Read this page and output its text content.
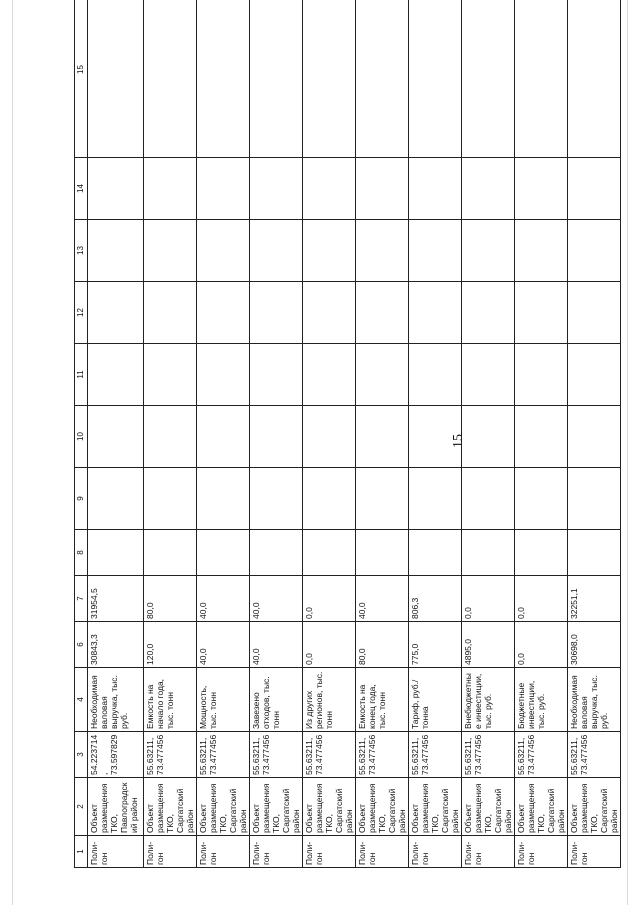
15
1	2	3	4	6	7	8	9	10	11	12	13	14	15
Поли-гон	Объект размещения ТКО, Павлоградский район	54.223714, 73.597829	Необходимая валовая выручка, тыс. руб.	30843,3	31954,5								
Поли-гон	Объект размещения ТКО, Саргатский район	55.63211, 73.477456	Емкость на начало года, тыс. тонн	120,0	80,0								
Поли-гон	Объект размещения ТКО, Саргатский район	55.63211, 73.477456	Мощность, тыс. тонн	40,0	40,0								
Поли-гон	Объект размещения ТКО, Саргатский район	55.63211, 73.477456	Завезено отходов, тыс. тонн	40,0	40,0								
Поли-гон	Объект размещения ТКО, Саргатский район	55.63211, 73.477456	Из других регионов, тыс. тонн	0,0	0,0								
Поли-гон	Объект размещения ТКО, Саргатский район	55.63211, 73.477456	Емкость на конец года, тыс. тонн	80,0	40,0								
Поли-гон	Объект размещения ТКО, Саргатский район	55.63211, 73.477456	Тариф, руб./тонна	775,0	806,3								
Поли-гон	Объект размещения ТКО, Саргатский район	55.63211, 73.477456	Внебюджетные инвестиции, тыс. руб.	4895,0	0,0								
Поли-гон	Объект размещения ТКО, Саргатский район	55.63211, 73.477456	Бюджетные инвестиции, тыс. руб.	0,0	0,0								
Поли-гон	Объект размещения ТКО, Саргатский район	55.63211, 73.477456	Необходимая валовая выручка, тыс. руб.	30698,0	32251,1								
